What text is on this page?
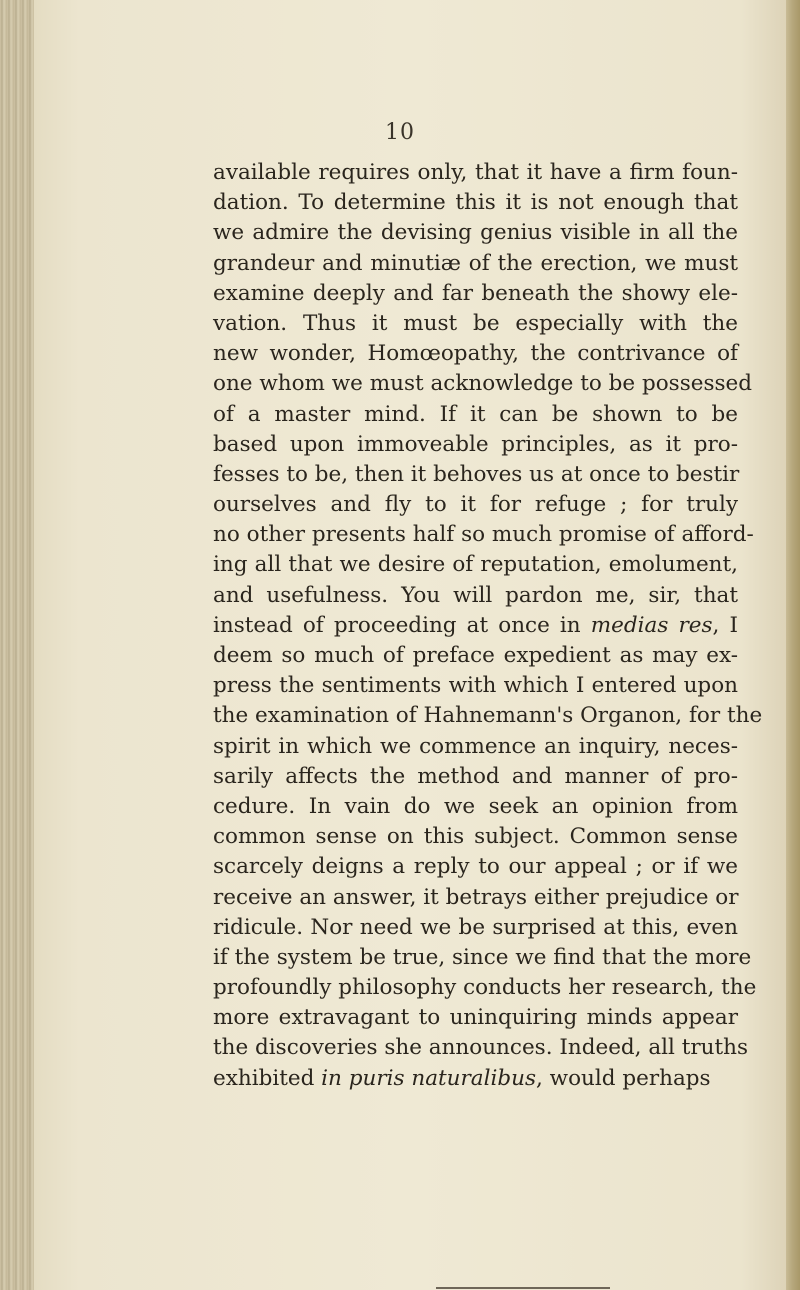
10
available requires only, that it have a firm foun-
dation. To determine this it is not enough that
we admire the devising genius visible in all the
grandeur and minutiæ of the erection, we must
examine deeply and far beneath the showy ele-
vation. Thus it must be especially with the
new wonder, Homœopathy, the contrivance of
one whom we must acknowledge to be possessed
of a master mind. If it can be shown to be
based upon immoveable principles, as it pro-
fesses to be, then it behoves us at once to bestir
ourselves and fly to it for refuge ; for truly
no other presents half so much promise of afford-
ing all that we desire of reputation, emolument,
and usefulness. You will pardon me, sir, that
instead of proceeding at once in medias res, I
deem so much of preface expedient as may ex-
press the sentiments with which I entered upon
the examination of Hahnemann's Organon, for the
spirit in which we commence an inquiry, neces-
sarily affects the method and manner of pro-
cedure. In vain do we seek an opinion from
common sense on this subject. Common sense
scarcely deigns a reply to our appeal ; or if we
receive an answer, it betrays either prejudice or
ridicule. Nor need we be surprised at this, even
if the system be true, since we find that the more
profoundly philosophy conducts her research, the
more extravagant to uninquiring minds appear
the discoveries she announces. Indeed, all truths
exhibited in puris naturalibus, would perhaps
